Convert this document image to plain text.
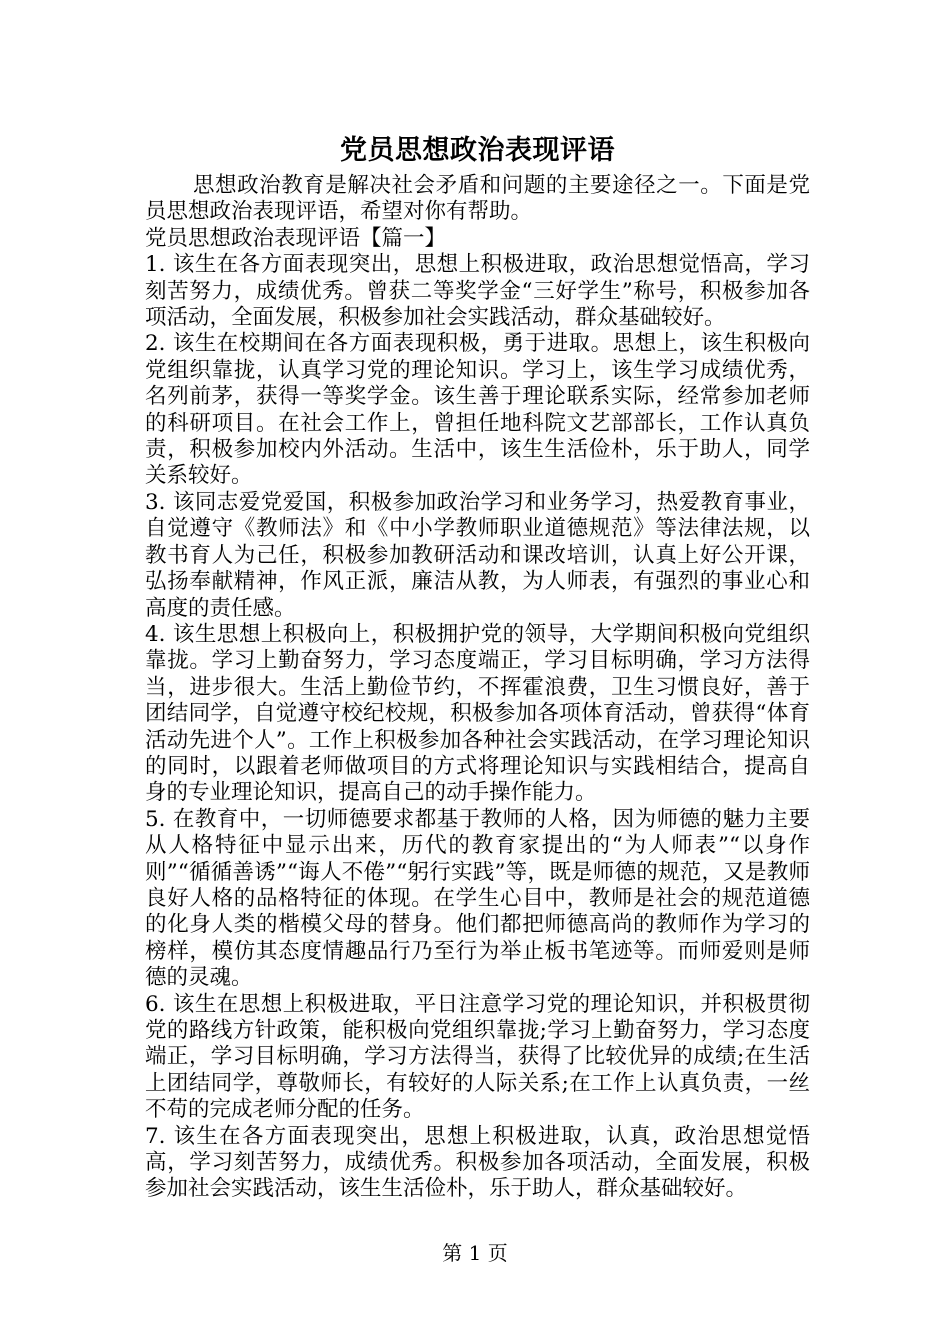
党员思想政治表现评语

思想政治教育是解决社会矛盾和问题的主要途径之一。下面是党员思想政治表现评语，希望对你有帮助。

党员思想政治表现评语【篇一】

1. 该生在各方面表现突出，思想上积极进取，政治思想觉悟高，学习刻苦努力，成绩优秀。曾获二等奖学金“三好学生”称号，积极参加各项活动，全面发展，积极参加社会实践活动，群众基础较好。

2. 该生在校期间在各方面表现积极，勇于进取。思想上，该生积极向党组织靠拢，认真学习党的理论知识。学习上，该生学习成绩优秀，名列前茅，获得一等奖学金。该生善于理论联系实际，经常参加老师的科研项目。在社会工作上，曾担任地科院文艺部部长，工作认真负责，积极参加校内外活动。生活中，该生生活俭朴，乐于助人，同学关系较好。

3. 该同志爱党爱国，积极参加政治学习和业务学习，热爱教育事业，自觉遵守《教师法》和《中小学教师职业道德规范》等法律法规，以教书育人为己任，积极参加教研活动和课改培训，认真上好公开课，弘扬奉献精神，作风正派，廉洁从教，为人师表，有强烈的事业心和高度的责任感。

4. 该生思想上积极向上，积极拥护党的领导，大学期间积极向党组织靠拢。学习上勤奋努力，学习态度端正，学习目标明确，学习方法得当，进步很大。生活上勤俭节约，不挥霍浪费，卫生习惯良好，善于团结同学，自觉遵守校纪校规，积极参加各项体育活动，曾获得“体育活动先进个人”。工作上积极参加各种社会实践活动，在学习理论知识的同时，以跟着老师做项目的方式将理论知识与实践相结合，提高自身的专业理论知识，提高自己的动手操作能力。

5. 在教育中，一切师德要求都基于教师的人格，因为师德的魅力主要从人格特征中显示出来，历代的教育家提出的“为人师表”“以身作则”“循循善诱”“诲人不倦”“躬行实践”等，既是师德的规范，又是教师良好人格的品格特征的体现。在学生心目中，教师是社会的规范道德的化身人类的楷模父母的替身。他们都把师德高尚的教师作为学习的榜样，模仿其态度情趣品行乃至行为举止板书笔迹等。而师爱则是师德的灵魂。

6. 该生在思想上积极进取，平日注意学习党的理论知识，并积极贯彻党的路线方针政策，能积极向党组织靠拢;学习上勤奋努力，学习态度端正，学习目标明确，学习方法得当，获得了比较优异的成绩;在生活上团结同学，尊敬师长，有较好的人际关系;在工作上认真负责，一丝不苟的完成老师分配的任务。

7. 该生在各方面表现突出，思想上积极进取，认真，政治思想觉悟高，学习刻苦努力，成绩优秀。积极参加各项活动，全面发展，积极参加社会实践活动，该生生活俭朴，乐于助人，群众基础较好。

第 1 页
